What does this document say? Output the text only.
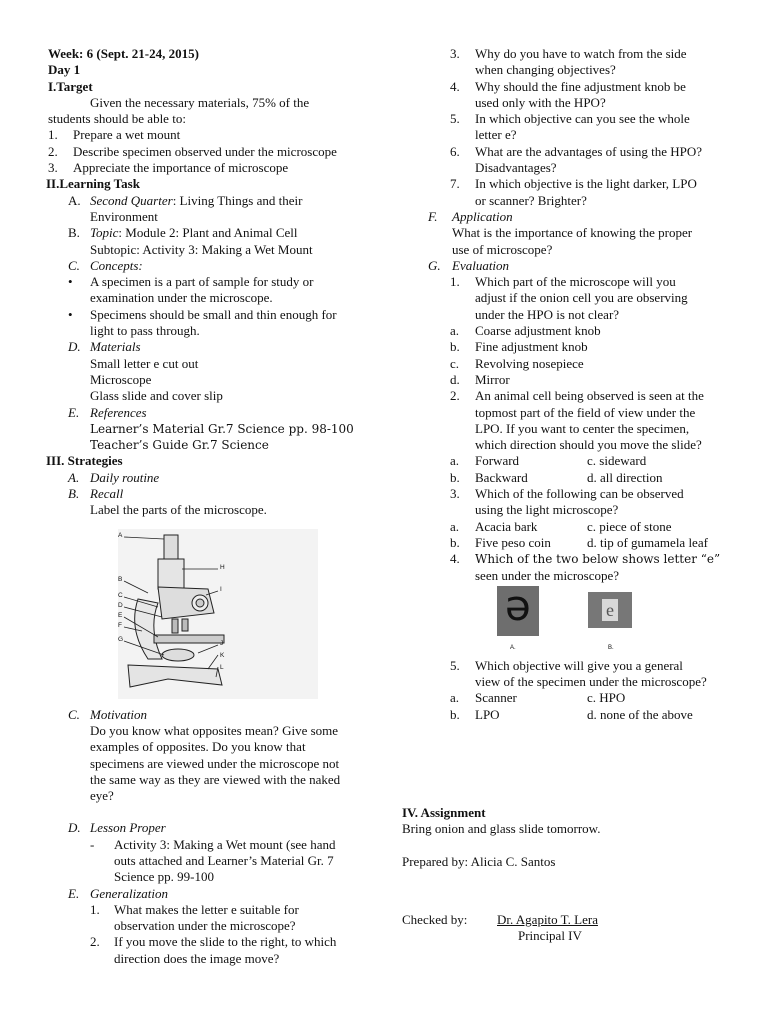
Week: 6 (Sept. 21-24, 2015)
Day 1
I.Target
Given the necessary materials, 75% of the
students should be able to:
1. Prepare a wet mount
2. Describe specimen observed under the microscope
3. Appreciate the importance of microscope
II.Learning Task
A. Second Quarter: Living Things and their
Environment
B. Topic: Module 2: Plant and Animal Cell
Subtopic: Activity 3: Making a Wet Mount
C. Concepts:
• A specimen is a part of sample for study or
examination under the microscope.
• Specimens should be small and thin enough for
light to pass through.
D. Materials
Small letter e cut out
Microscope
Glass slide and cover slip
E. References
Learner’s Material Gr.7 Science pp. 98-100
Teacher’s Guide Gr.7 Science
III. Strategies
A. Daily routine
B. Recall
Label the parts of the microscope.
A
B
C
D
E
F
G
H
I
J
K
L
C. Motivation
Do you know what opposites mean? Give some
examples of opposites. Do you know that
specimens are viewed under the microscope not
the same way as they are viewed with the naked
eye?
D. Lesson Proper
- Activity 3: Making a Wet mount (see hand
outs attached and Learner’s Material Gr. 7
Science pp. 99-100
E. Generalization
1. What makes the letter e suitable for
observation under the microscope?
2. If you move the slide to the right, to which
direction does the image move?
3. Why do you have to watch from the side
when changing objectives?
4. Why should the fine adjustment knob be
used only with the HPO?
5. In which objective can you see the whole
letter e?
6. What are the advantages of using the HPO?
Disadvantages?
7. In which objective is the light darker, LPO
or scanner? Brighter?
F. Application
What is the importance of knowing the proper
use of microscope?
G. Evaluation
1. Which part of the microscope will you
adjust if the onion cell you are observing
under the HPO is not clear?
a. Coarse adjustment knob
b. Fine adjustment knob
c. Revolving nosepiece
d. Mirror
2. An animal cell being observed is seen at the
topmost part of the field of view under the
LPO. If you want to center the specimen,
which direction should you move the slide?
a. Forward	c. sideward

b. Backward	d. all direction

3. Which of the following can be observed
using the light microscope?
a. Acacia bark	c. piece of stone

b. Five peso coin	d. tip of gumamela leaf

4. Which of the two below shows letter “e”
seen under the microscope?
e
A.
e
B.
5. Which objective will give you a general
view of the specimen under the microscope?
a. Scanner	c. HPO

b. LPO	d. none of the above

IV. Assignment
Bring onion and glass slide tomorrow.
Prepared by: Alicia C. Santos
Checked by: Dr. Agapito T. Lera

Principal IV
